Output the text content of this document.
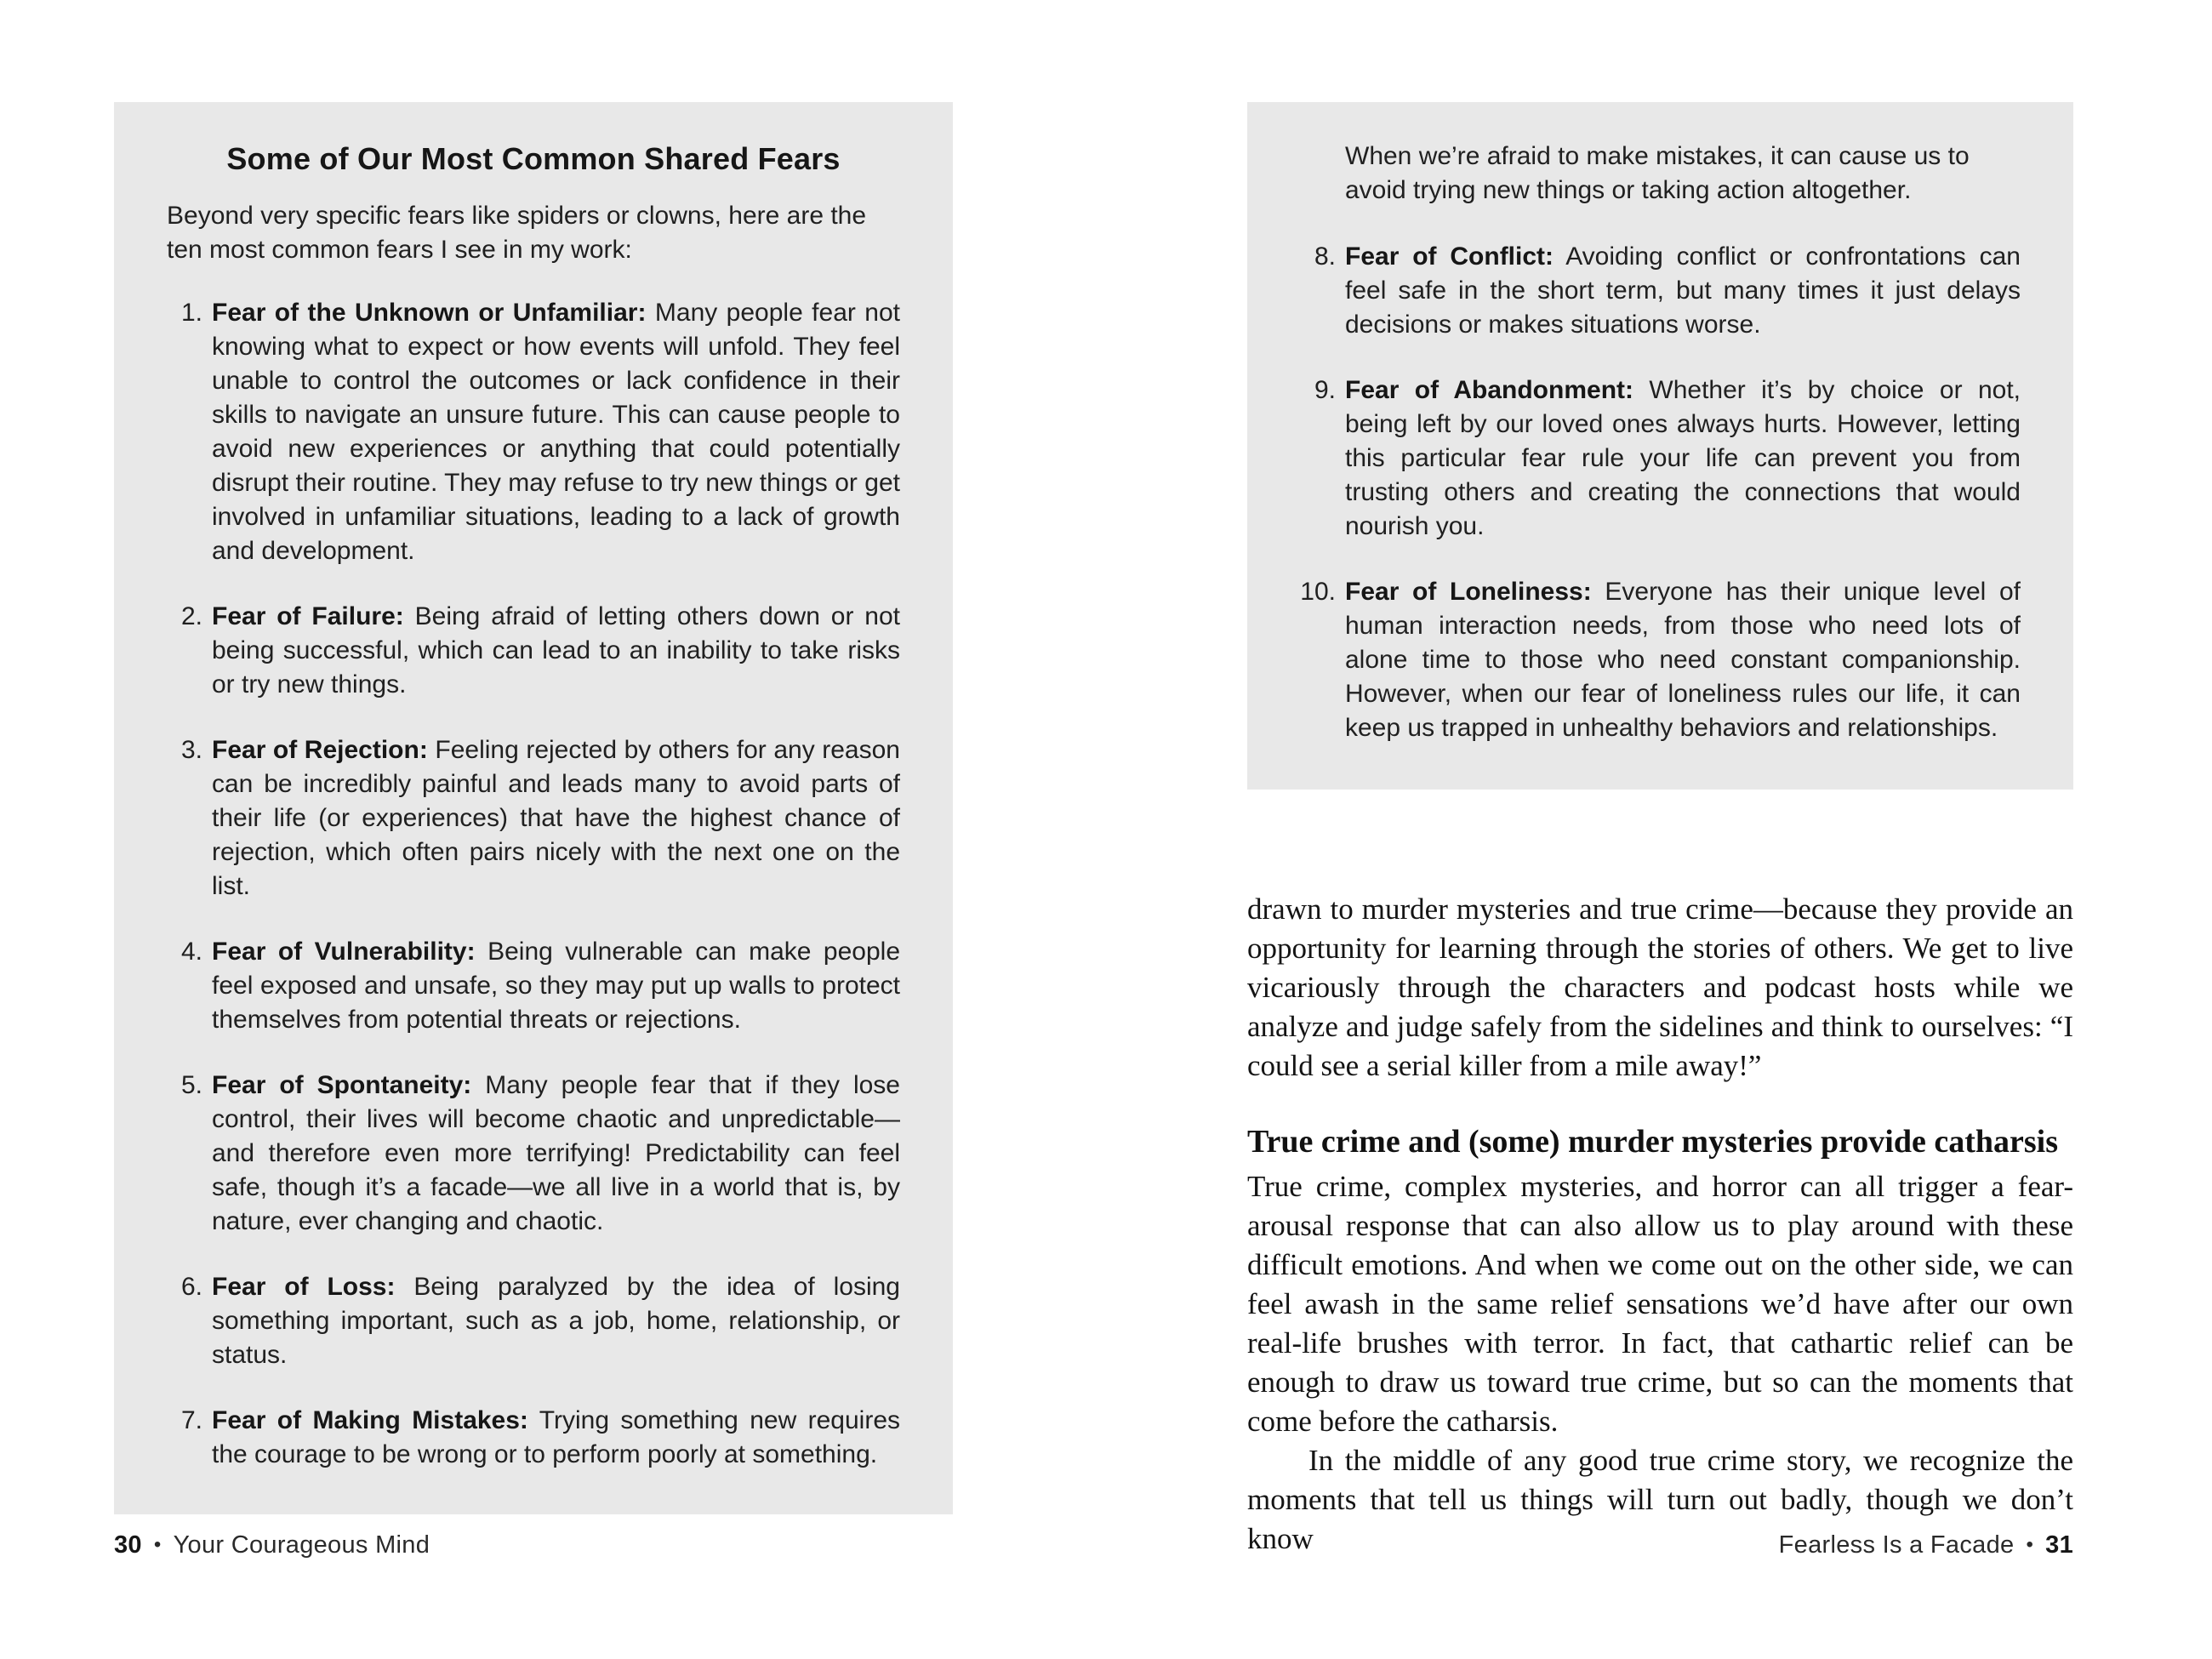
Some of Our Most Common Shared Fears

Beyond very specific fears like spiders or clowns, here are the ten most common fears I see in my work:

1. Fear of the Unknown or Unfamiliar: Many people fear not knowing what to expect or how events will unfold. They feel unable to control the outcomes or lack confidence in their skills to navigate an unsure future. This can cause people to avoid new experiences or anything that could potentially disrupt their routine. They may refuse to try new things or get involved in unfamiliar situations, leading to a lack of growth and development.
2. Fear of Failure: Being afraid of letting others down or not being successful, which can lead to an inability to take risks or try new things.
3. Fear of Rejection: Feeling rejected by others for any reason can be incredibly painful and leads many to avoid parts of their life (or experiences) that have the highest chance of rejection, which often pairs nicely with the next one on the list.
4. Fear of Vulnerability: Being vulnerable can make people feel exposed and unsafe, so they may put up walls to protect themselves from potential threats or rejections.
5. Fear of Spontaneity: Many people fear that if they lose control, their lives will become chaotic and unpredictable—and therefore even more terrifying! Predictability can feel safe, though it’s a facade—we all live in a world that is, by nature, ever changing and chaotic.
6. Fear of Loss: Being paralyzed by the idea of losing something important, such as a job, home, relationship, or status.
7. Fear of Making Mistakes: Trying something new requires the courage to be wrong or to perform poorly at something.

When we’re afraid to make mistakes, it can cause us to avoid trying new things or taking action altogether.

8. Fear of Conflict: Avoiding conflict or confrontations can feel safe in the short term, but many times it just delays decisions or makes situations worse.
9. Fear of Abandonment: Whether it’s by choice or not, being left by our loved ones always hurts. However, letting this particular fear rule your life can prevent you from trusting others and creating the connections that would nourish you.
10. Fear of Loneliness: Everyone has their unique level of human interaction needs, from those who need lots of alone time to those who need constant companionship. However, when our fear of loneliness rules our life, it can keep us trapped in unhealthy behaviors and relationships.

drawn to murder mysteries and true crime—because they provide an opportunity for learning through the stories of others. We get to live vicariously through the characters and podcast hosts while we analyze and judge safely from the sidelines and think to ourselves: “I could see a serial killer from a mile away!”

True crime and (some) murder mysteries provide catharsis

True crime, complex mysteries, and horror can all trigger a fear-arousal response that can also allow us to play around with these difficult emotions. And when we come out on the other side, we can feel awash in the same relief sensations we’d have after our own real-life brushes with terror. In fact, that cathartic relief can be enough to draw us toward true crime, but so can the moments that come before the catharsis.

In the middle of any good true crime story, we recognize the moments that tell us things will turn out badly, though we don’t know

30 • Your Courageous Mind	Fearless Is a Facade • 31
